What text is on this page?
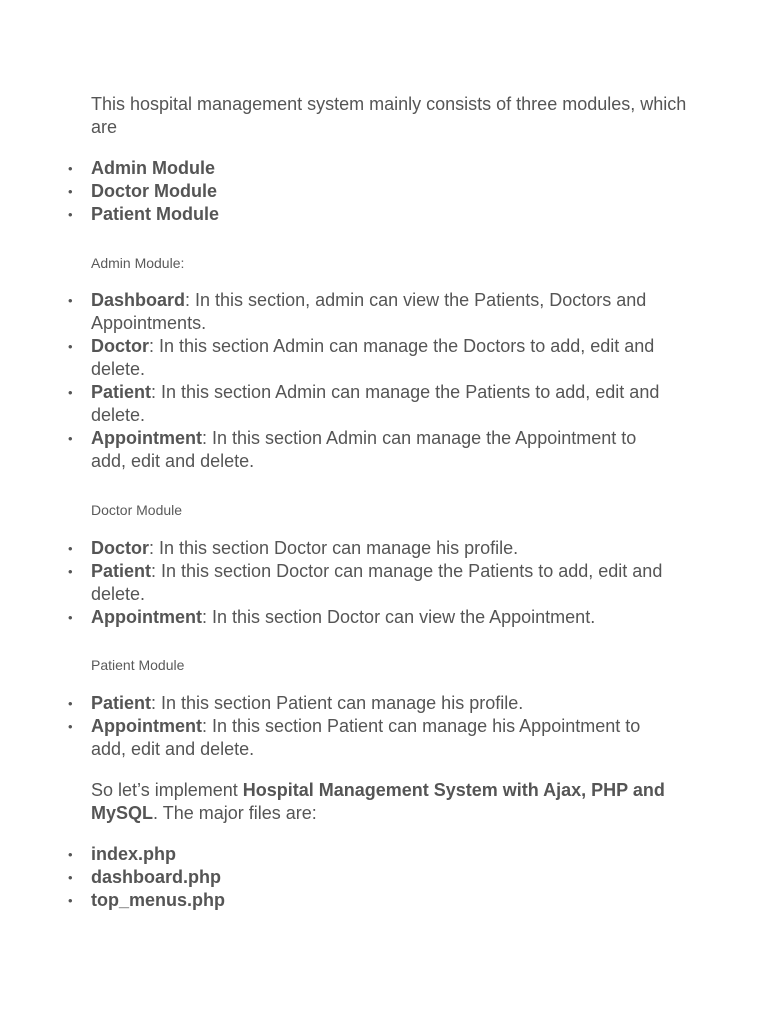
This hospital management system mainly consists of three modules, which are

• Admin Module
• Doctor Module
• Patient Module

Admin Module:

• Dashboard: In this section, admin can view the Patients, Doctors and Appointments.
• Doctor: In this section Admin can manage the Doctors to add, edit and delete.
• Patient: In this section Admin can manage the Patients to add, edit and delete.
• Appointment: In this section Admin can manage the Appointment to add, edit and delete.

Doctor Module

• Doctor: In this section Doctor can manage his profile.
• Patient: In this section Doctor can manage the Patients to add, edit and delete.
• Appointment: In this section Doctor can view the Appointment.

Patient Module

• Patient: In this section Patient can manage his profile.
• Appointment: In this section Patient can manage his Appointment to add, edit and delete.

So let’s implement Hospital Management System with Ajax, PHP and MySQL. The major files are:

• index.php
• dashboard.php
• top_menus.php
